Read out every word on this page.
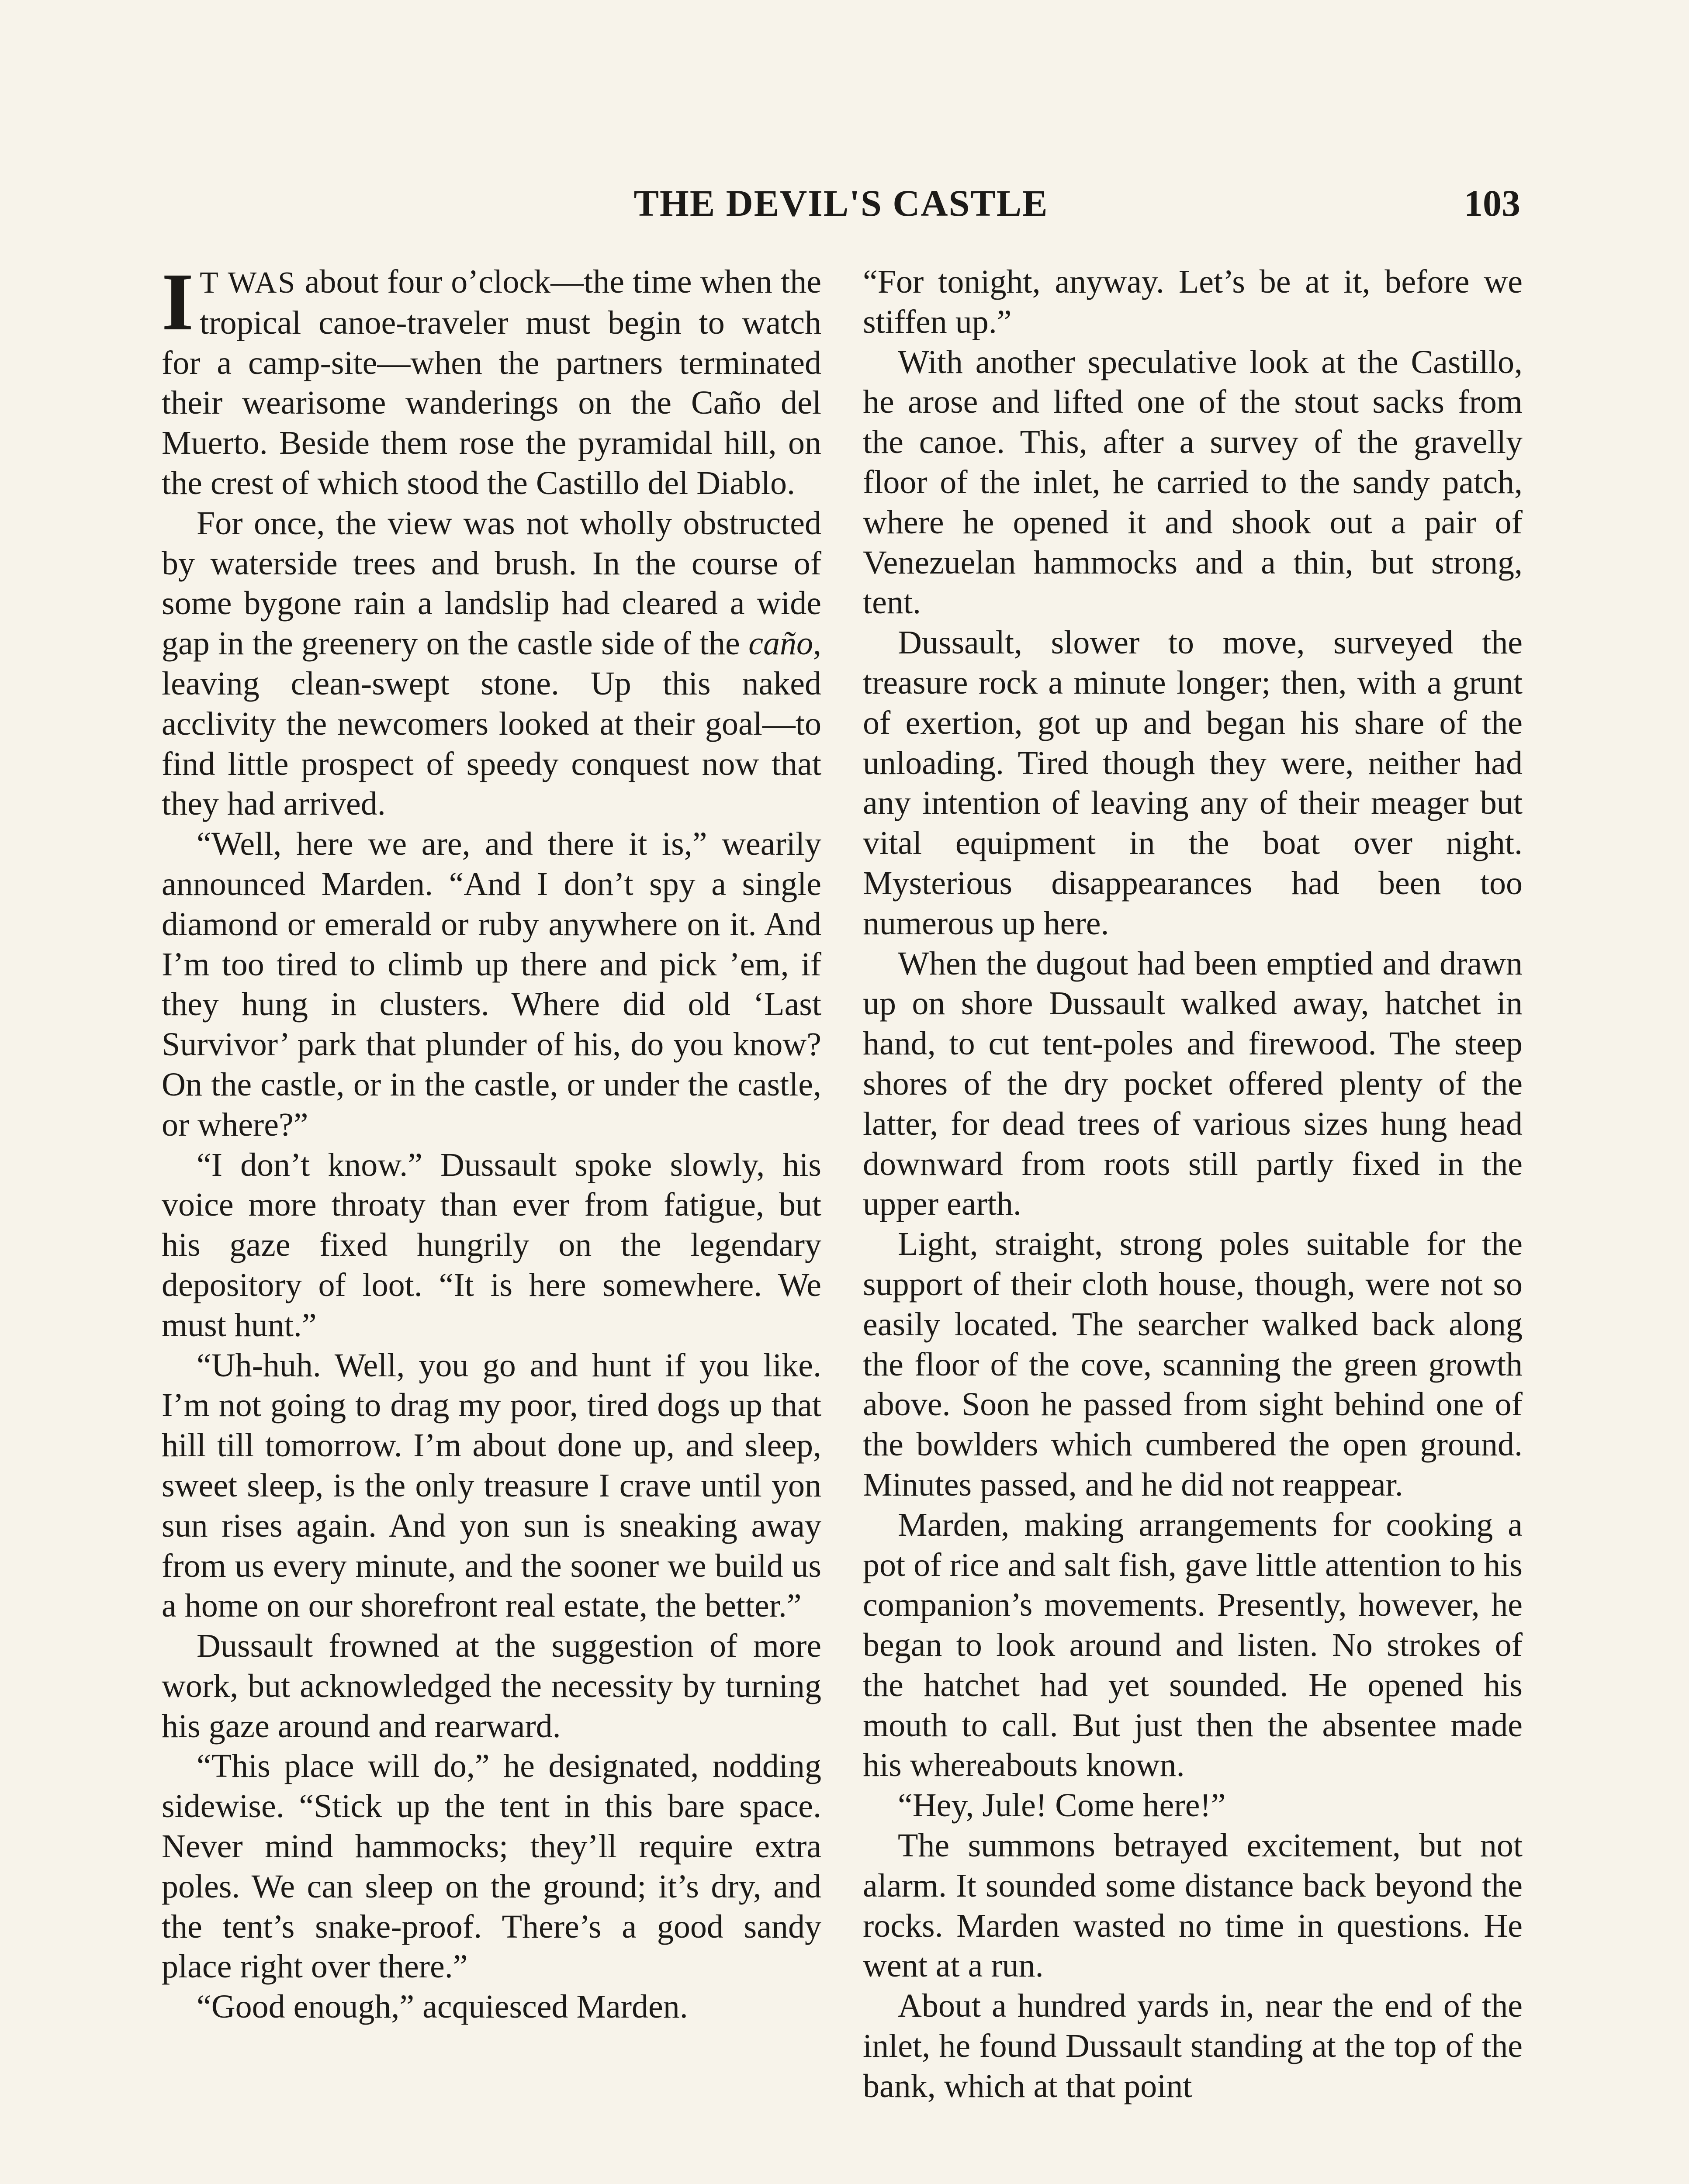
THE DEVIL'S CASTLE	103

I T WAS about four o’clock—the time when the tropical canoe-traveler must begin to watch for a camp-site—when the partners terminated their wearisome wanderings on the Caño del Muerto. Beside them rose the pyramidal hill, on the crest of which stood the Castillo del Diablo.

For once, the view was not wholly obstructed by waterside trees and brush. In the course of some bygone rain a landslip had cleared a wide gap in the greenery on the castle side of the caño, leaving clean-swept stone. Up this naked acclivity the newcomers looked at their goal—to find little prospect of speedy conquest now that they had arrived.

“Well, here we are, and there it is,” wearily announced Marden. “And I don’t spy a single diamond or emerald or ruby anywhere on it. And I’m too tired to climb up there and pick ’em, if they hung in clusters. Where did old ‘Last Survivor’ park that plunder of his, do you know? On the castle, or in the castle, or under the castle, or where?”

“I don’t know.” Dussault spoke slowly, his voice more throaty than ever from fatigue, but his gaze fixed hungrily on the legendary depository of loot. “It is here somewhere. We must hunt.”

“Uh-huh. Well, you go and hunt if you like. I’m not going to drag my poor, tired dogs up that hill till tomorrow. I’m about done up, and sleep, sweet sleep, is the only treasure I crave until yon sun rises again. And yon sun is sneaking away from us every minute, and the sooner we build us a home on our shorefront real estate, the better.”

Dussault frowned at the suggestion of more work, but acknowledged the necessity by turning his gaze around and rearward.

“This place will do,” he designated, nodding sidewise. “Stick up the tent in this bare space. Never mind hammocks; they’ll require extra poles. We can sleep on the ground; it’s dry, and the tent’s snake-proof. There’s a good sandy place right over there.”

“Good enough,” acquiesced Marden.

“For tonight, anyway. Let’s be at it, before we stiffen up.”

With another speculative look at the Castillo, he arose and lifted one of the stout sacks from the canoe. This, after a survey of the gravelly floor of the inlet, he carried to the sandy patch, where he opened it and shook out a pair of Venezuelan hammocks and a thin, but strong, tent.

Dussault, slower to move, surveyed the treasure rock a minute longer; then, with a grunt of exertion, got up and began his share of the unloading. Tired though they were, neither had any intention of leaving any of their meager but vital equipment in the boat over night. Mysterious disappearances had been too numerous up here.

When the dugout had been emptied and drawn up on shore Dussault walked away, hatchet in hand, to cut tent-poles and firewood. The steep shores of the dry pocket offered plenty of the latter, for dead trees of various sizes hung head downward from roots still partly fixed in the upper earth.

Light, straight, strong poles suitable for the support of their cloth house, though, were not so easily located. The searcher walked back along the floor of the cove, scanning the green growth above. Soon he passed from sight behind one of the bowlders which cumbered the open ground. Minutes passed, and he did not reappear.

Marden, making arrangements for cooking a pot of rice and salt fish, gave little attention to his companion’s movements. Presently, however, he began to look around and listen. No strokes of the hatchet had yet sounded. He opened his mouth to call. But just then the absentee made his whereabouts known.

“Hey, Jule! Come here!”

The summons betrayed excitement, but not alarm. It sounded some distance back beyond the rocks. Marden wasted no time in questions. He went at a run.

About a hundred yards in, near the end of the inlet, he found Dussault standing at the top of the bank, which at that point
